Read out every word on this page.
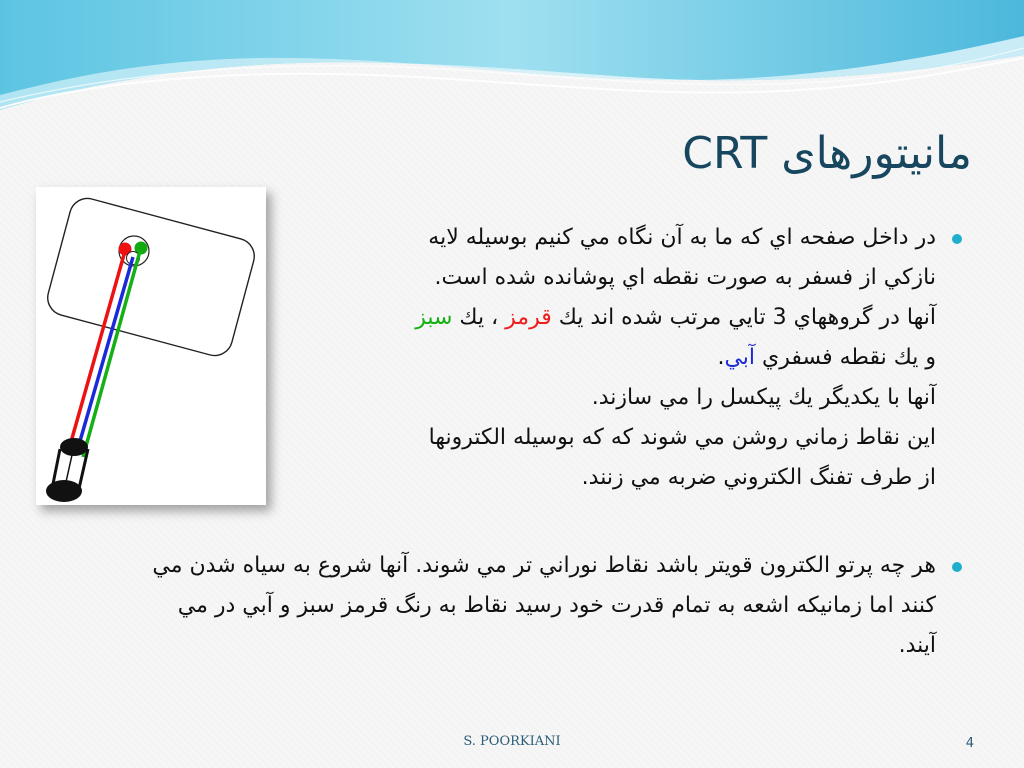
مانیتورهای CRT
در داخل صفحه اي كه ما به آن نگاه مي كنيم بوسيله لايه
نازكي از فسفر به صورت نقطه اي پوشانده شده است.
آنها در گروههاي 3 تايي مرتب شده اند يك قرمز ، يك سبز
و يك نقطه فسفري آبي.
آنها با يكديگر يك پيكسل را مي سازند.
اين نقاط زماني روشن مي شوند كه كه بوسيله الكترونها
از طرف تفنگ الكتروني ضربه مي زنند.
هر چه پرتو الكترون قويتر باشد نقاط نوراني تر مي شوند. آنها شروع به سياه شدن مي
كنند اما زمانيكه اشعه به تمام قدرت خود رسيد نقاط به رنگ قرمز سبز و آبي در مي
آيند.
S. POORKIANI	4
